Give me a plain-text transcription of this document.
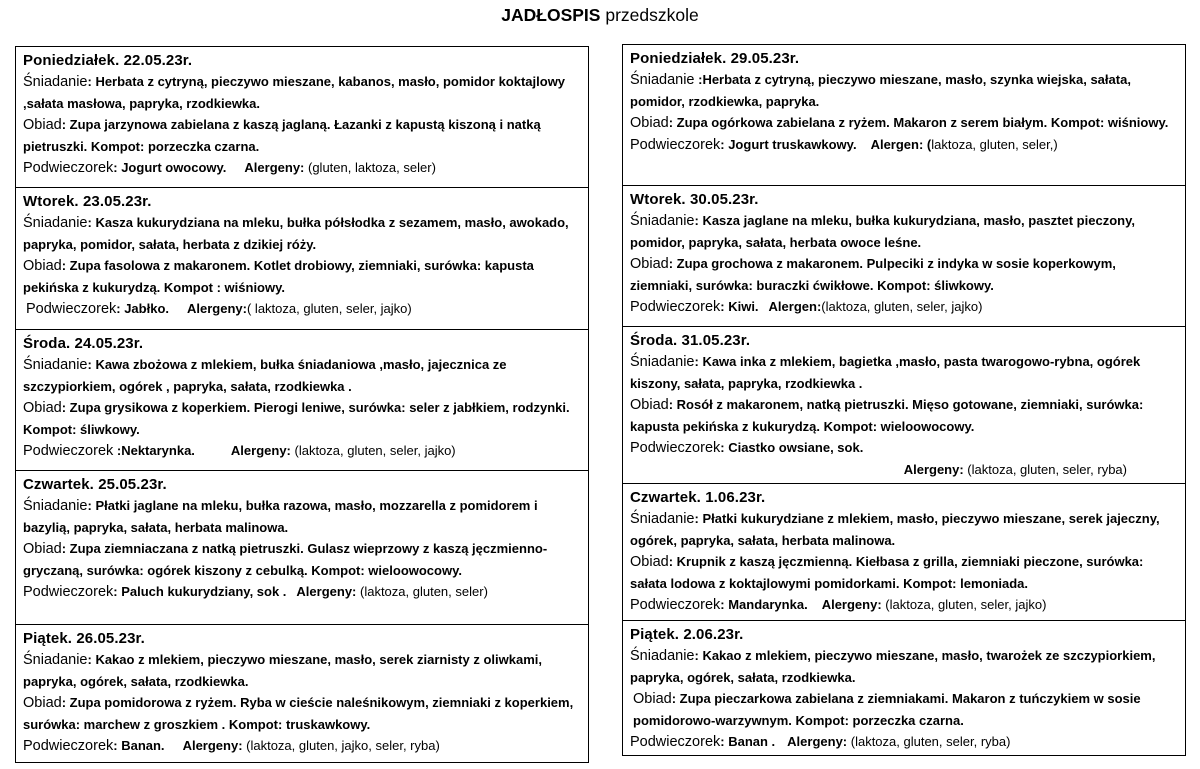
JADŁOSPIS przedszkole
Poniedziałek. 22.05.23r.
Śniadanie: Herbata z cytryną, pieczywo mieszane, kabanos, masło, pomidor koktajlowy ,sałata masłowa, papryka, rzodkiewka.
Obiad: Zupa jarzynowa zabielana z kaszą jaglaną. Łazanki z kapustą kiszoną i natką pietruszki. Kompot: porzeczka czarna.
Podwieczorek: Jogurt owocowy. Alergeny: (gluten, laktoza, seler)
Wtorek. 23.05.23r.
Śniadanie: Kasza kukurydziana na mleku, bułka półsłodka z sezamem, masło, awokado, papryka, pomidor, sałata, herbata z dzikiej róży.
Obiad: Zupa fasolowa z makaronem. Kotlet drobiowy, ziemniaki, surówka: kapusta pekińska z kukurydzą. Kompot : wiśniowy.
Podwieczorek: Jabłko. Alergeny:( laktoza, gluten, seler, jajko)
Środa. 24.05.23r.
Śniadanie: Kawa zbożowa z mlekiem, bułka śniadaniowa ,masło, jajecznica ze szczypiorkiem, ogórek , papryka, sałata, rzodkiewka .
Obiad: Zupa grysikowa z koperkiem. Pierogi leniwe, surówka: seler z jabłkiem, rodzynki. Kompot: śliwkowy.
Podwieczorek :Nektarynka.	Alergeny: (laktoza, gluten, seler, jajko)
Czwartek. 25.05.23r.
Śniadanie: Płatki jaglane na mleku, bułka razowa, masło, mozzarella z pomidorem i bazylią, papryka, sałata, herbata malinowa.
Obiad: Zupa ziemniaczana z natką pietruszki. Gulasz wieprzowy z kaszą jęczmienno- gryczaną, surówka: ogórek kiszony z cebulką. Kompot: wieloowocowy.
Podwieczorek: Paluch kukurydziany, sok . Alergeny: (laktoza, gluten, seler)
Piątek. 26.05.23r.
Śniadanie: Kakao z mlekiem, pieczywo mieszane, masło, serek ziarnisty z oliwkami, papryka, ogórek, sałata, rzodkiewka.
Obiad: Zupa pomidorowa z ryżem. Ryba w cieście naleśnikowym, ziemniaki z koperkiem, surówka: marchew z groszkiem . Kompot: truskawkowy.
Podwieczorek: Banan. Alergeny: (laktoza, gluten, jajko, seler, ryba)
Poniedziałek. 29.05.23r.
Śniadanie :Herbata z cytryną, pieczywo mieszane, masło, szynka wiejska, sałata, pomidor, rzodkiewka, papryka.
Obiad: Zupa ogórkowa zabielana z ryżem. Makaron z serem białym. Kompot: wiśniowy.
Podwieczorek: Jogurt truskawkowy. Alergen: (laktoza, gluten, seler,)
Wtorek. 30.05.23r.
Śniadanie: Kasza jaglane na mleku, bułka kukurydziana, masło, pasztet pieczony, pomidor, papryka, sałata, herbata owoce leśne.
Obiad: Zupa grochowa z makaronem. Pulpeciki z indyka w sosie koperkowym, ziemniaki, surówka: buraczki ćwikłowe. Kompot: śliwkowy.
Podwieczorek: Kiwi. Alergen:(laktoza, gluten, seler, jajko)
Środa. 31.05.23r.
Śniadanie: Kawa inka z mlekiem, bagietka ,masło, pasta twarogowo-rybna, ogórek kiszony, sałata, papryka, rzodkiewka .
Obiad: Rosół z makaronem, natką pietruszki. Mięso gotowane, ziemniaki, surówka: kapusta pekińska z kukurydzą. Kompot: wieloowocowy.
Podwieczorek: Ciastko owsiane, sok.
Alergeny: (laktoza, gluten, seler, ryba)
Czwartek. 1.06.23r.
Śniadanie: Płatki kukurydziane z mlekiem, masło, pieczywo mieszane, serek jajeczny, ogórek, papryka, sałata, herbata malinowa.
Obiad: Krupnik z kaszą jęczmienną. Kiełbasa z grilla, ziemniaki pieczone, surówka: sałata lodowa z koktajlowymi pomidorkami. Kompot: lemoniada.
Podwieczorek: Mandarynka. Alergeny: (laktoza, gluten, seler, jajko)
Piątek. 2.06.23r.
Śniadanie: Kakao z mlekiem, pieczywo mieszane, masło, twarożek ze szczypiorkiem, papryka, ogórek, sałata, rzodkiewka.
Obiad: Zupa pieczarkowa zabielana z ziemniakami. Makaron z tuńczykiem w sosie pomidorowo-warzywnym. Kompot: porzeczka czarna.
Podwieczorek: Banan . Alergeny: (laktoza, gluten, seler, ryba)
